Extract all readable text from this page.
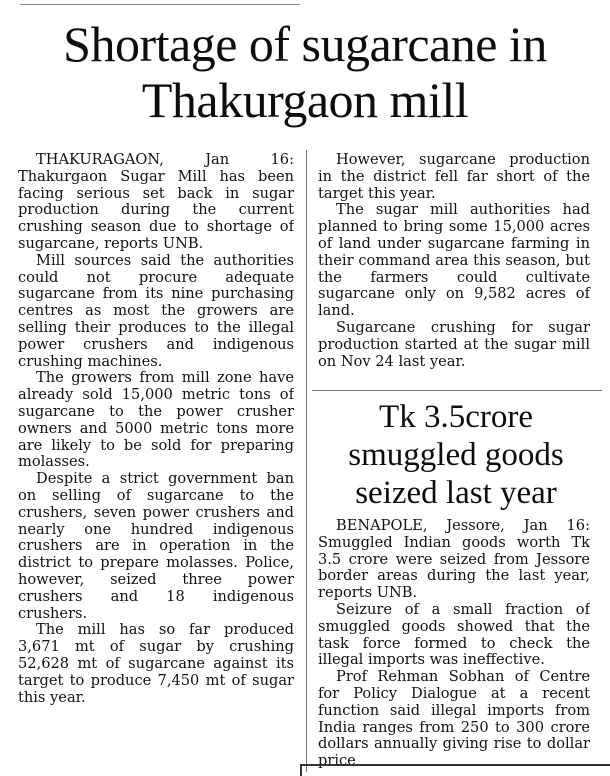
Shortage of sugarcane in Thakurgaon mill

THAKURAGAON, Jan 16: Thakurgaon Sugar Mill has been facing serious set back in sugar production during the current crushing season due to shortage of sugarcane, reports UNB.

Mill sources said the authorities could not procure adequate sugarcane from its nine purchasing centres as most the growers are selling their produces to the illegal power crushers and indigenous crushing machines.

The growers from mill zone have already sold 15,000 metric tons of sugarcane to the power crusher owners and 5000 metric tons more are likely to be sold for preparing molasses.

Despite a strict government ban on selling of sugarcane to the crushers, seven power crushers and nearly one hundred indigenous crushers are in operation in the district to prepare molasses. Police, however, seized three power crushers and 18 indigenous crushers.

The mill has so far produced 3,671 mt of sugar by crushing 52,628 mt of sugarcane against its target to produce 7,450 mt of sugar this year.

However, sugarcane production in the district fell far short of the target this year.

The sugar mill authorities had planned to bring some 15,000 acres of land under sugarcane farming in their command area this season, but the farmers could cultivate sugarcane only on 9,582 acres of land.

Sugarcane crushing for sugar production started at the sugar mill on Nov 24 last year.

Tk 3.5crore smuggled goods seized last year

BENAPOLE, Jessore, Jan 16: Smuggled Indian goods worth Tk 3.5 crore were seized from Jessore border areas during the last year, reports UNB.

Seizure of a small fraction of smuggled goods showed that the task force formed to check the illegal imports was ineffective.

Prof Rehman Sobhan of Centre for Policy Dialogue at a recent function said illegal imports from India ranges from 250 to 300 crore dollars annually giving rise to dollar price
